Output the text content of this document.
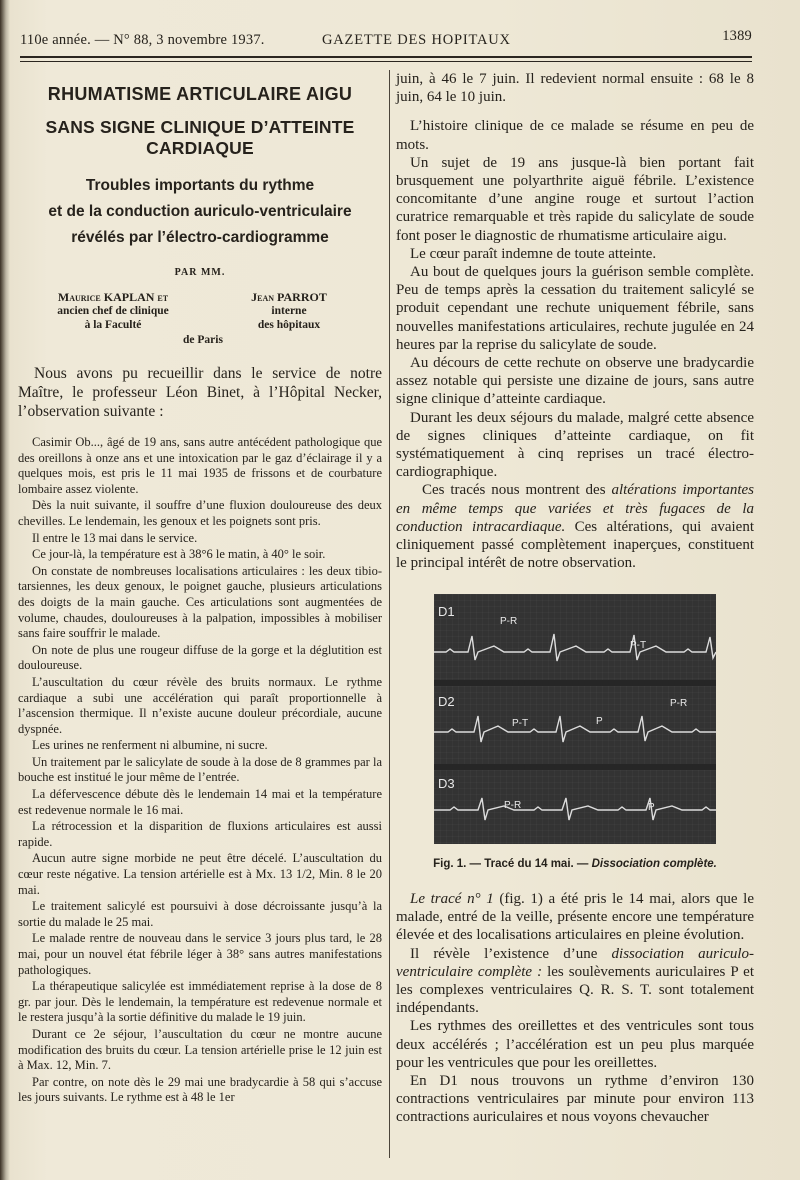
110e année. — N° 88, 3 novembre 1937.	GAZETTE DES HOPITAUX	1389
RHUMATISME ARTICULAIRE AIGU
SANS SIGNE CLINIQUE D’ATTEINTE CARDIAQUE
Troubles importants du rythme
et de la conduction auriculo-ventriculaire
révélés par l’électro-cardiogramme
PAR MM.
Maurice KAPLAN et
ancien chef de clinique
à la Faculté
Jean PARROT
interne
des hôpitaux
de Paris

Nous avons pu recueillir dans le service de notre Maître, le professeur Léon Binet, à l’Hôpital Necker, l’observation suivante :

Casimir Ob..., âgé de 19 ans, sans autre antécédent pathologique que des oreillons à onze ans et une intoxication par le gaz d’éclairage il y a quelques mois, est pris le 11 mai 1935 de frissons et de courbature lombaire assez violente.

Dès la nuit suivante, il souffre d’une fluxion douloureuse des deux chevilles. Le lendemain, les genoux et les poignets sont pris.

Il entre le 13 mai dans le service.

Ce jour-là, la température est à 38°6 le matin, à 40° le soir.

On constate de nombreuses localisations articulaires : les deux tibio-tarsiennes, les deux genoux, le poignet gauche, plusieurs articulations des doigts de la main gauche. Ces articulations sont augmentées de volume, chaudes, douloureuses à la palpation, impossibles à mobiliser sans faire souffrir le malade.

On note de plus une rougeur diffuse de la gorge et la déglutition est douloureuse.

L’auscultation du cœur révèle des bruits normaux. Le rythme cardiaque a subi une accélération qui paraît proportionnelle à l’ascension thermique. Il n’existe aucune douleur précordiale, aucune dyspnée.

Les urines ne renferment ni albumine, ni sucre.

Un traitement par le salicylate de soude à la dose de 8 grammes par la bouche est institué le jour même de l’entrée.

La défervescence débute dès le lendemain 14 mai et la température est redevenue normale le 16 mai.

La rétrocession et la disparition de fluxions articulaires est aussi rapide.

Aucun autre signe morbide ne peut être décelé. L’auscultation du cœur reste négative. La tension artérielle est à Mx. 13 1/2, Min. 8 le 20 mai.

Le traitement salicylé est poursuivi à dose décroissante jusqu’à la sortie du malade le 25 mai.

Le malade rentre de nouveau dans le service 3 jours plus tard, le 28 mai, pour un nouvel état fébrile léger à 38° sans autres manifestations pathologiques.

La thérapeutique salicylée est immédiatement reprise à la dose de 8 gr. par jour. Dès le lendemain, la température est redevenue normale et le restera jusqu’à la sortie définitive du malade le 19 juin.

Durant ce 2e séjour, l’auscultation du cœur ne montre aucune modification des bruits du cœur. La tension artérielle prise le 12 juin est à Max. 12, Min. 7.

Par contre, on note dès le 29 mai une bradycardie à 58 qui s’accuse les jours suivants. Le rythme est à 48 le 1er

juin, à 46 le 7 juin. Il redevient normal ensuite : 68 le 8 juin, 64 le 10 juin.

L’histoire clinique de ce malade se résume en peu de mots.

Un sujet de 19 ans jusque-là bien portant fait brusquement une polyarthrite aiguë fébrile. L’existence concomitante d’une angine rouge et surtout l’action curatrice remarquable et très rapide du salicylate de soude font poser le diagnostic de rhumatisme articulaire aigu.

Le cœur paraît indemne de toute atteinte.

Au bout de quelques jours la guérison semble complète. Peu de temps après la cessation du traitement salicylé se produit cependant une rechute uniquement fébrile, sans nouvelles manifestations articulaires, rechute jugulée en 24 heures par la reprise du salicylate de soude.

Au décours de cette rechute on observe une bradycardie assez notable qui persiste une dizaine de jours, sans autre signe clinique d’atteinte cardiaque.

Durant les deux séjours du malade, malgré cette absence de signes cliniques d’atteinte cardiaque, on fit systématiquement à cinq reprises un tracé électro-cardiographique.

Ces tracés nous montrent des altérations importantes en même temps que variées et très fugaces de la conduction intracardiaque. Ces altérations, qui avaient cliniquement passé complètement inaperçues, constituent le principal intérêt de notre observation.

D1
P-R
P-T
D2
P-T
P-R
P
D3
P
P-R
Fig. 1. — Tracé du 14 mai. — Dissociation complète.

Le tracé n° 1 (fig. 1) a été pris le 14 mai, alors que le malade, entré de la veille, présente encore une température élevée et des localisations articulaires en pleine évolution.

Il révèle l’existence d’une dissociation auriculo-ventriculaire complète : les soulèvements auriculaires P et les complexes ventriculaires Q. R. S. T. sont totalement indépendants.

Les rythmes des oreillettes et des ventricules sont tous deux accélérés ; l’accélération est un peu plus marquée pour les ventricules que pour les oreillettes.

En D1 nous trouvons un rythme d’environ 130 contractions ventriculaires par minute pour environ 113 contractions auriculaires et nous voyons chevaucher
